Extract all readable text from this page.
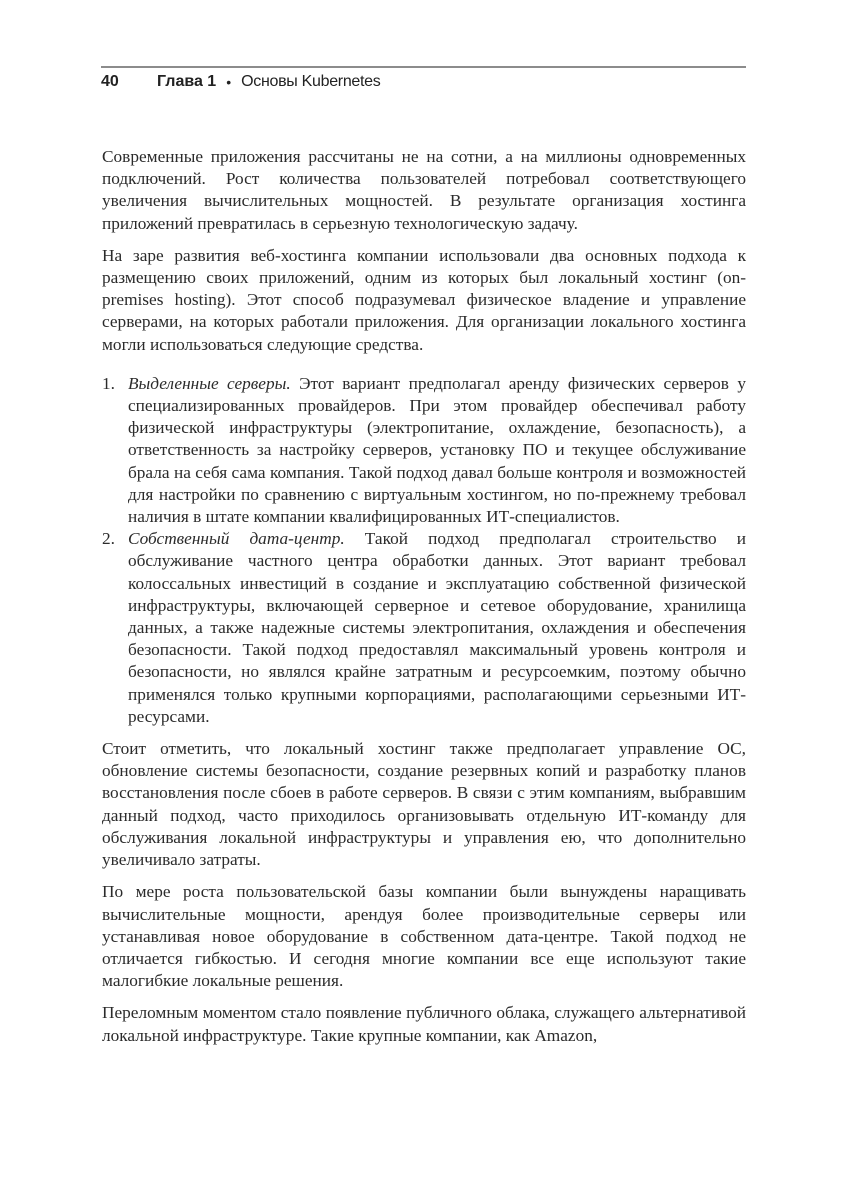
40	Глава 1 • Основы Kubernetes

Современные приложения рассчитаны не на сотни, а на миллионы одновременных подключений. Рост количества пользователей потребовал соответствующего увеличения вычислительных мощностей. В результате организация хостинга приложений превратилась в серьезную технологическую задачу.

На заре развития веб-хостинга компании использовали два основных подхода к размещению своих приложений, одним из которых был локальный хостинг (on-premises hosting). Этот способ подразумевал физическое владение и управление серверами, на которых работали приложения. Для организации локального хостинга могли использоваться следующие средства.

1. Выделенные серверы. Этот вариант предполагал аренду физических серверов у специализированных провайдеров. При этом провайдер обеспечивал работу физической инфраструктуры (электропитание, охлаждение, безопасность), а ответственность за настройку серверов, установку ПО и текущее обслуживание брала на себя сама компания. Такой подход давал больше контроля и возможностей для настройки по сравнению с виртуальным хостингом, но по-прежнему требовал наличия в штате компании квалифицированных ИТ-специалистов.
2. Собственный дата-центр. Такой подход предполагал строительство и обслуживание частного центра обработки данных. Этот вариант требовал колоссальных инвестиций в создание и эксплуатацию собственной физической инфраструктуры, включающей серверное и сетевое оборудование, хранилища данных, а также надежные системы электропитания, охлаждения и обеспечения безопасности. Такой подход предоставлял максимальный уровень контроля и безопасности, но являлся крайне затратным и ресурсоемким, поэтому обычно применялся только крупными корпорациями, располагающими серьезными ИТ-ресурсами.

Стоит отметить, что локальный хостинг также предполагает управление ОС, обновление системы безопасности, создание резервных копий и разработку планов восстановления после сбоев в работе серверов. В связи с этим компаниям, выбравшим данный подход, часто приходилось организовывать отдельную ИТ-команду для обслуживания локальной инфраструктуры и управления ею, что дополнительно увеличивало затраты.

По мере роста пользовательской базы компании были вынуждены наращивать вычислительные мощности, арендуя более производительные серверы или устанавливая новое оборудование в собственном дата-центре. Такой подход не отличается гибкостью. И сегодня многие компании все еще используют такие малогибкие локальные решения.

Переломным моментом стало появление публичного облака, служащего альтернативой локальной инфраструктуре. Такие крупные компании, как Amazon,
